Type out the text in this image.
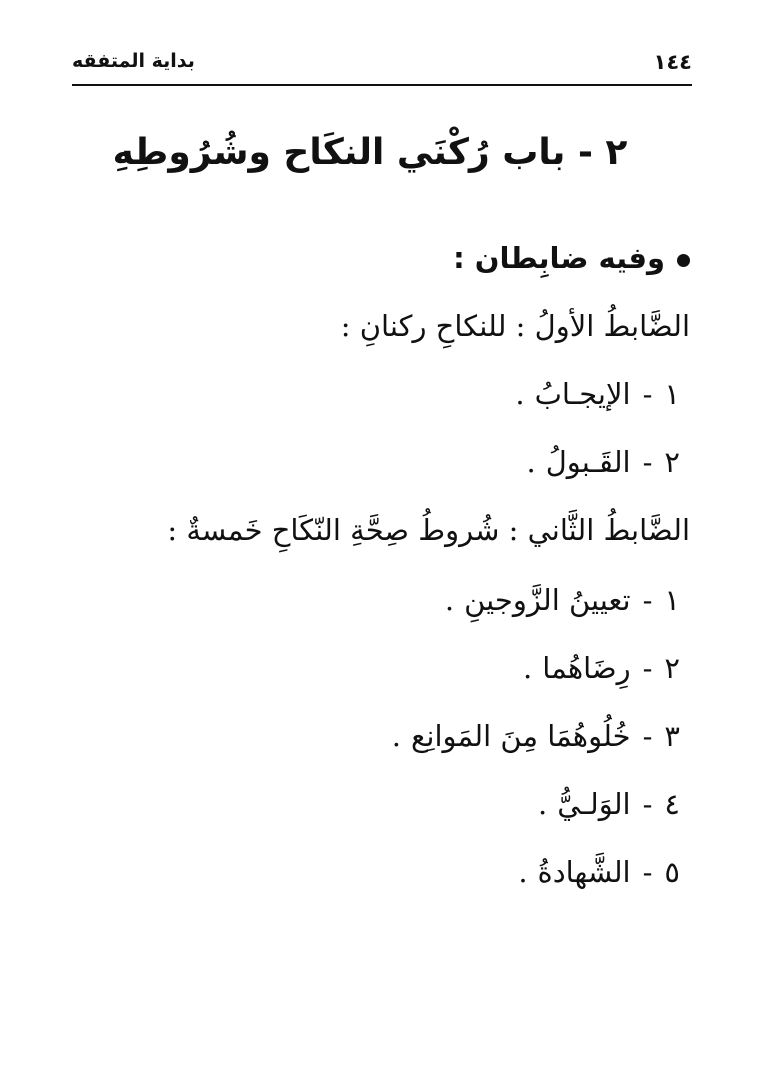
١٤٤
بداية المتفقه
٢ - باب رُكْنَي النكَاح وشُرُوطِهِ
وفيه ضابِطان :
الضَّابطُ الأولُ : للنكاحِ ركنانِ :
١-الإيجـابُ.
٢-القَـبولُ.
الضَّابطُ الثَّاني : شُروطُ صِحَّةِ النّكَاحِ خَمسةٌ :
١-تعيينُ الزَّوجينِ.
٢-رِضَاهُما.
٣-خُلُوهُمَا مِنَ المَوانِع.
٤-الوَلـيُّ.
٥-الشَّهادةُ.
